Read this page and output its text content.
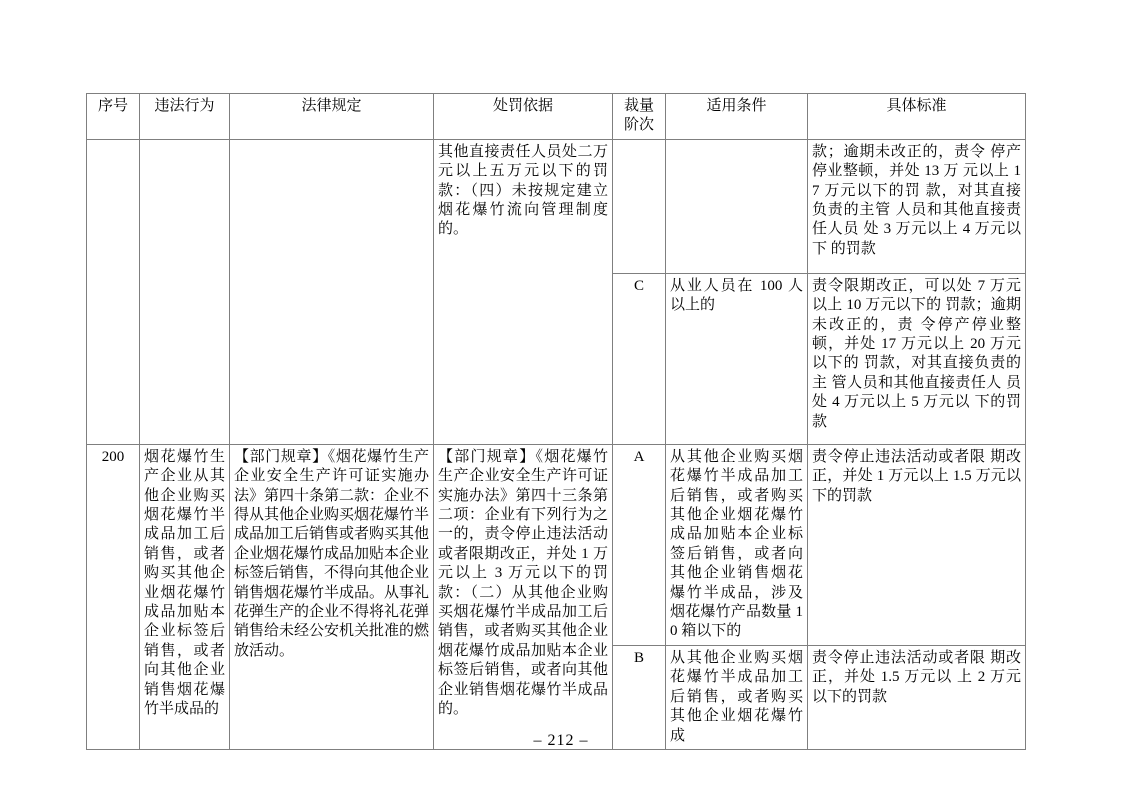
序号	违法行为	法律规定	处罚依据	裁量阶次	适用条件	具体标准
			其他直接责任人员处二万元以上五万元以下的罚款：（四）未按规定建立烟花爆竹流向管理制度的。			款；逾期未改正的，责令 停产停业整顿，并处 13 万 元以上 17 万元以下的罚 款，对其直接负责的主管 人员和其他直接责任人员 处 3 万元以上 4 万元以下 的罚款
				C	从业人员在 100 人以上的	责令限期改正，可以处 7 万元以上 10 万元以下的 罚款；逾期未改正的，责 令停产停业整顿，并处 17 万元以上 20 万元以下的 罚款，对其直接负责的主 管人员和其他直接责任人 员处 4 万元以上 5 万元以 下的罚款
200	烟花爆竹生产企业从其他企业购买烟花爆竹半成品加工后销售，或者购买其他企业烟花爆竹成品加贴本企业标签后销售，或者向其他企业销售烟花爆竹半成品的	【部门规章】《烟花爆竹生产企业安全生产许可证实施办法》第四十条第二款：企业不得从其他企业购买烟花爆竹半成品加工后销售或者购买其他企业烟花爆竹成品加贴本企业标签后销售，不得向其他企业销售烟花爆竹半成品。从事礼花弹生产的企业不得将礼花弹销售给未经公安机关批准的燃放活动。	【部门规章】《烟花爆竹生产企业安全生产许可证实施办法》第四十三条第二项：企业有下列行为之一的，责令停止违法活动或者限期改正，并处 1 万元以上 3 万元以下的罚款：（二）从其他企业购买烟花爆竹半成品加工后销售，或者购买其他企业烟花爆竹成品加贴本企业标签后销售，或者向其他企业销售烟花爆竹半成品的。	A	从其他企业购买烟花爆竹半成品加工后销售，或者购买其他企业烟花爆竹成品加贴本企业标签后销售，或者向其他企业销售烟花爆竹半成品，涉及烟花爆竹产品数量 10 箱以下的	责令停止违法活动或者限 期改正，并处 1 万元以上 1.5 万元以下的罚款
				B	从其他企业购买烟花爆竹半成品加工后销售，或者购买其他企业烟花爆竹成	责令停止违法活动或者限 期改正，并处 1.5 万元以 上 2 万元以下的罚款
– 212 –
